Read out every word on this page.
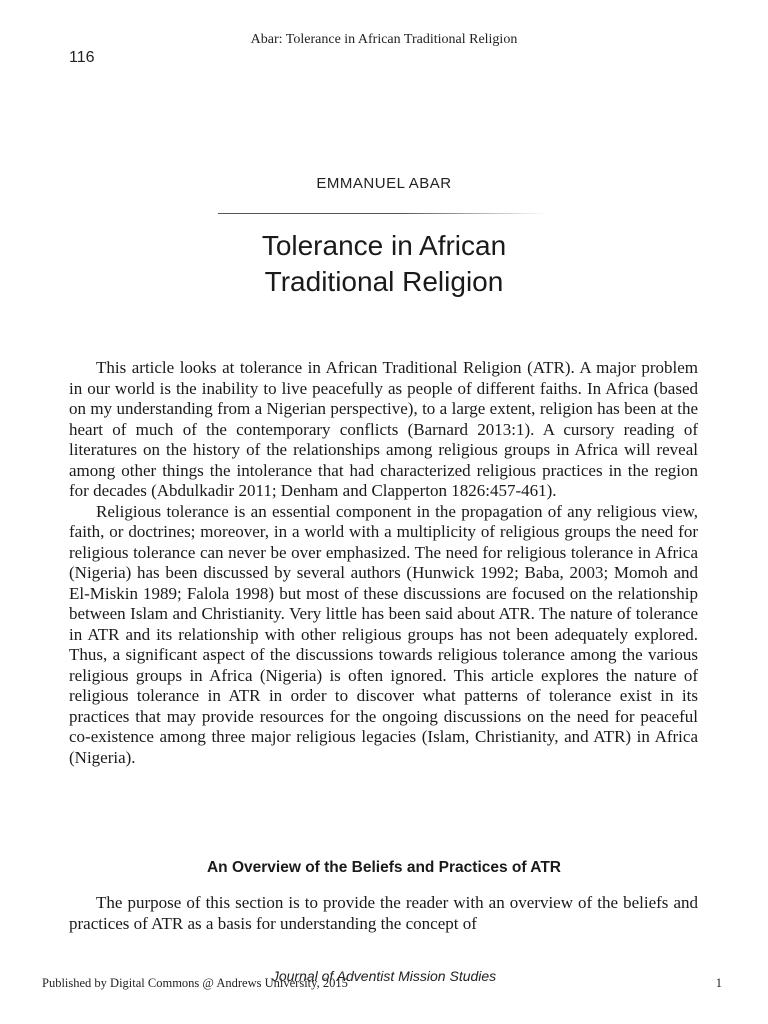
Abar: Tolerance in African Traditional Religion
116
EMMANUEL ABAR
Tolerance in African
Traditional Religion

This article looks at tolerance in African Traditional Religion (ATR). A major problem in our world is the inability to live peacefully as people of different faiths. In Africa (based on my understanding from a Nigerian perspective), to a large extent, religion has been at the heart of much of the contemporary conflicts (Barnard 2013:1). A cursory reading of literatures on the history of the relationships among religious groups in Africa will reveal among other things the intolerance that had characterized religious practices in the region for decades (Abdulkadir 2011; Denham and Clapperton 1826:457-461).

Religious tolerance is an essential component in the propagation of any religious view, faith, or doctrines; moreover, in a world with a multiplicity of religious groups the need for religious tolerance can never be over emphasized. The need for religious tolerance in Africa (Nigeria) has been discussed by several authors (Hunwick 1992; Baba, 2003; Momoh and El-Miskin 1989; Falola 1998) but most of these discussions are focused on the relationship between Islam and Christianity. Very little has been said about ATR. The nature of tolerance in ATR and its relationship with other religious groups has not been adequately explored. Thus, a significant aspect of the discussions towards religious tolerance among the various religious groups in Africa (Nigeria) is often ignored. This article explores the nature of religious tolerance in ATR in order to discover what patterns of tolerance exist in its practices that may provide resources for the ongoing discussions on the need for peaceful co-existence among three major religious legacies (Islam, Christianity, and ATR) in Africa (Nigeria).

An Overview of the Beliefs and Practices of ATR

The purpose of this section is to provide the reader with an overview of the beliefs and practices of ATR as a basis for understanding the concept of

Journal of Adventist Mission Studies
Published by Digital Commons @ Andrews University, 2015	1
